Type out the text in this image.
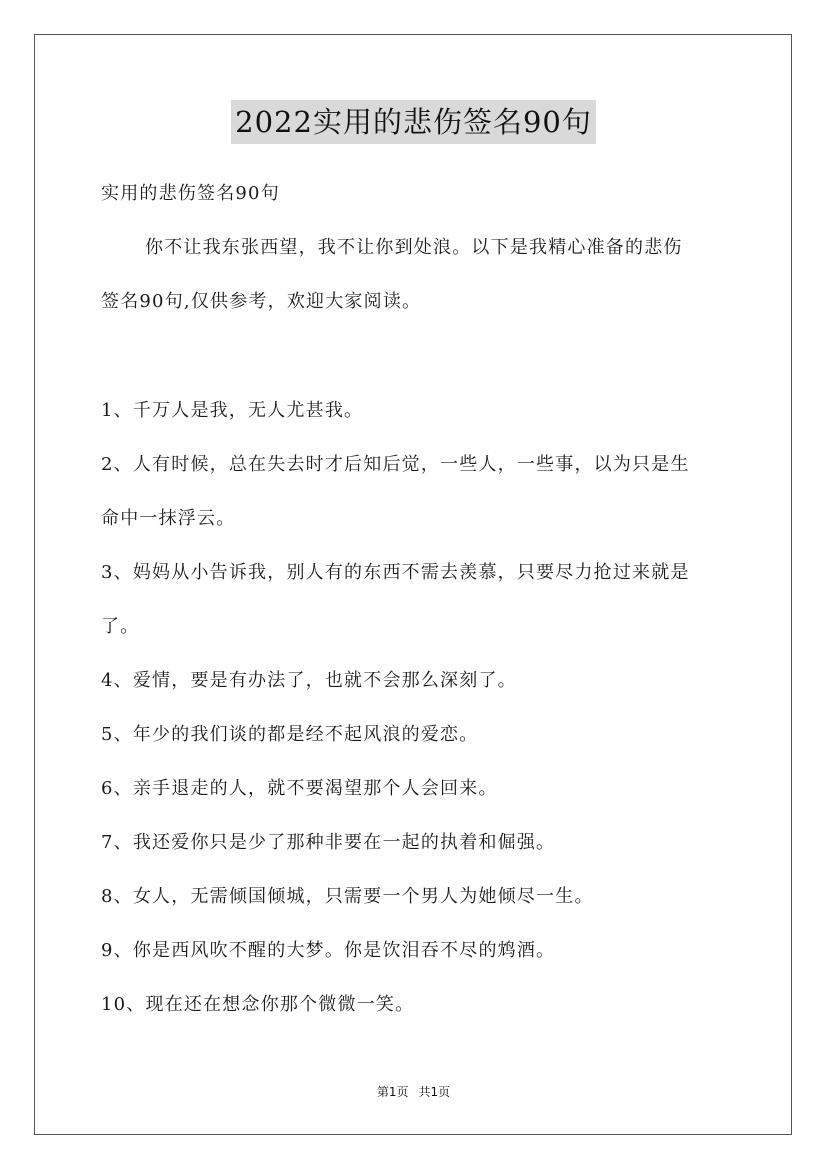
2022实用的悲伤签名90句
实用的悲伤签名90句
你不让我东张西望，我不让你到处浪。以下是我精心准备的悲伤
签名90句,仅供参考，欢迎大家阅读。
1、千万人是我，无人尤甚我。
2、人有时候，总在失去时才后知后觉，一些人，一些事，以为只是生
命中一抹浮云。
3、妈妈从小告诉我，别人有的东西不需去羡慕，只要尽力抢过来就是
了。
4、爱情，要是有办法了，也就不会那么深刻了。
5、年少的我们谈的都是经不起风浪的爱恋。
6、亲手退走的人，就不要渴望那个人会回来。
7、我还爱你只是少了那种非要在一起的执着和倔强。
8、女人，无需倾国倾城，只需要一个男人为她倾尽一生。
9、你是西风吹不醒的大梦。你是饮泪吞不尽的鸩酒。
10、现在还在想念你那个微微一笑。
第1页 共1页
